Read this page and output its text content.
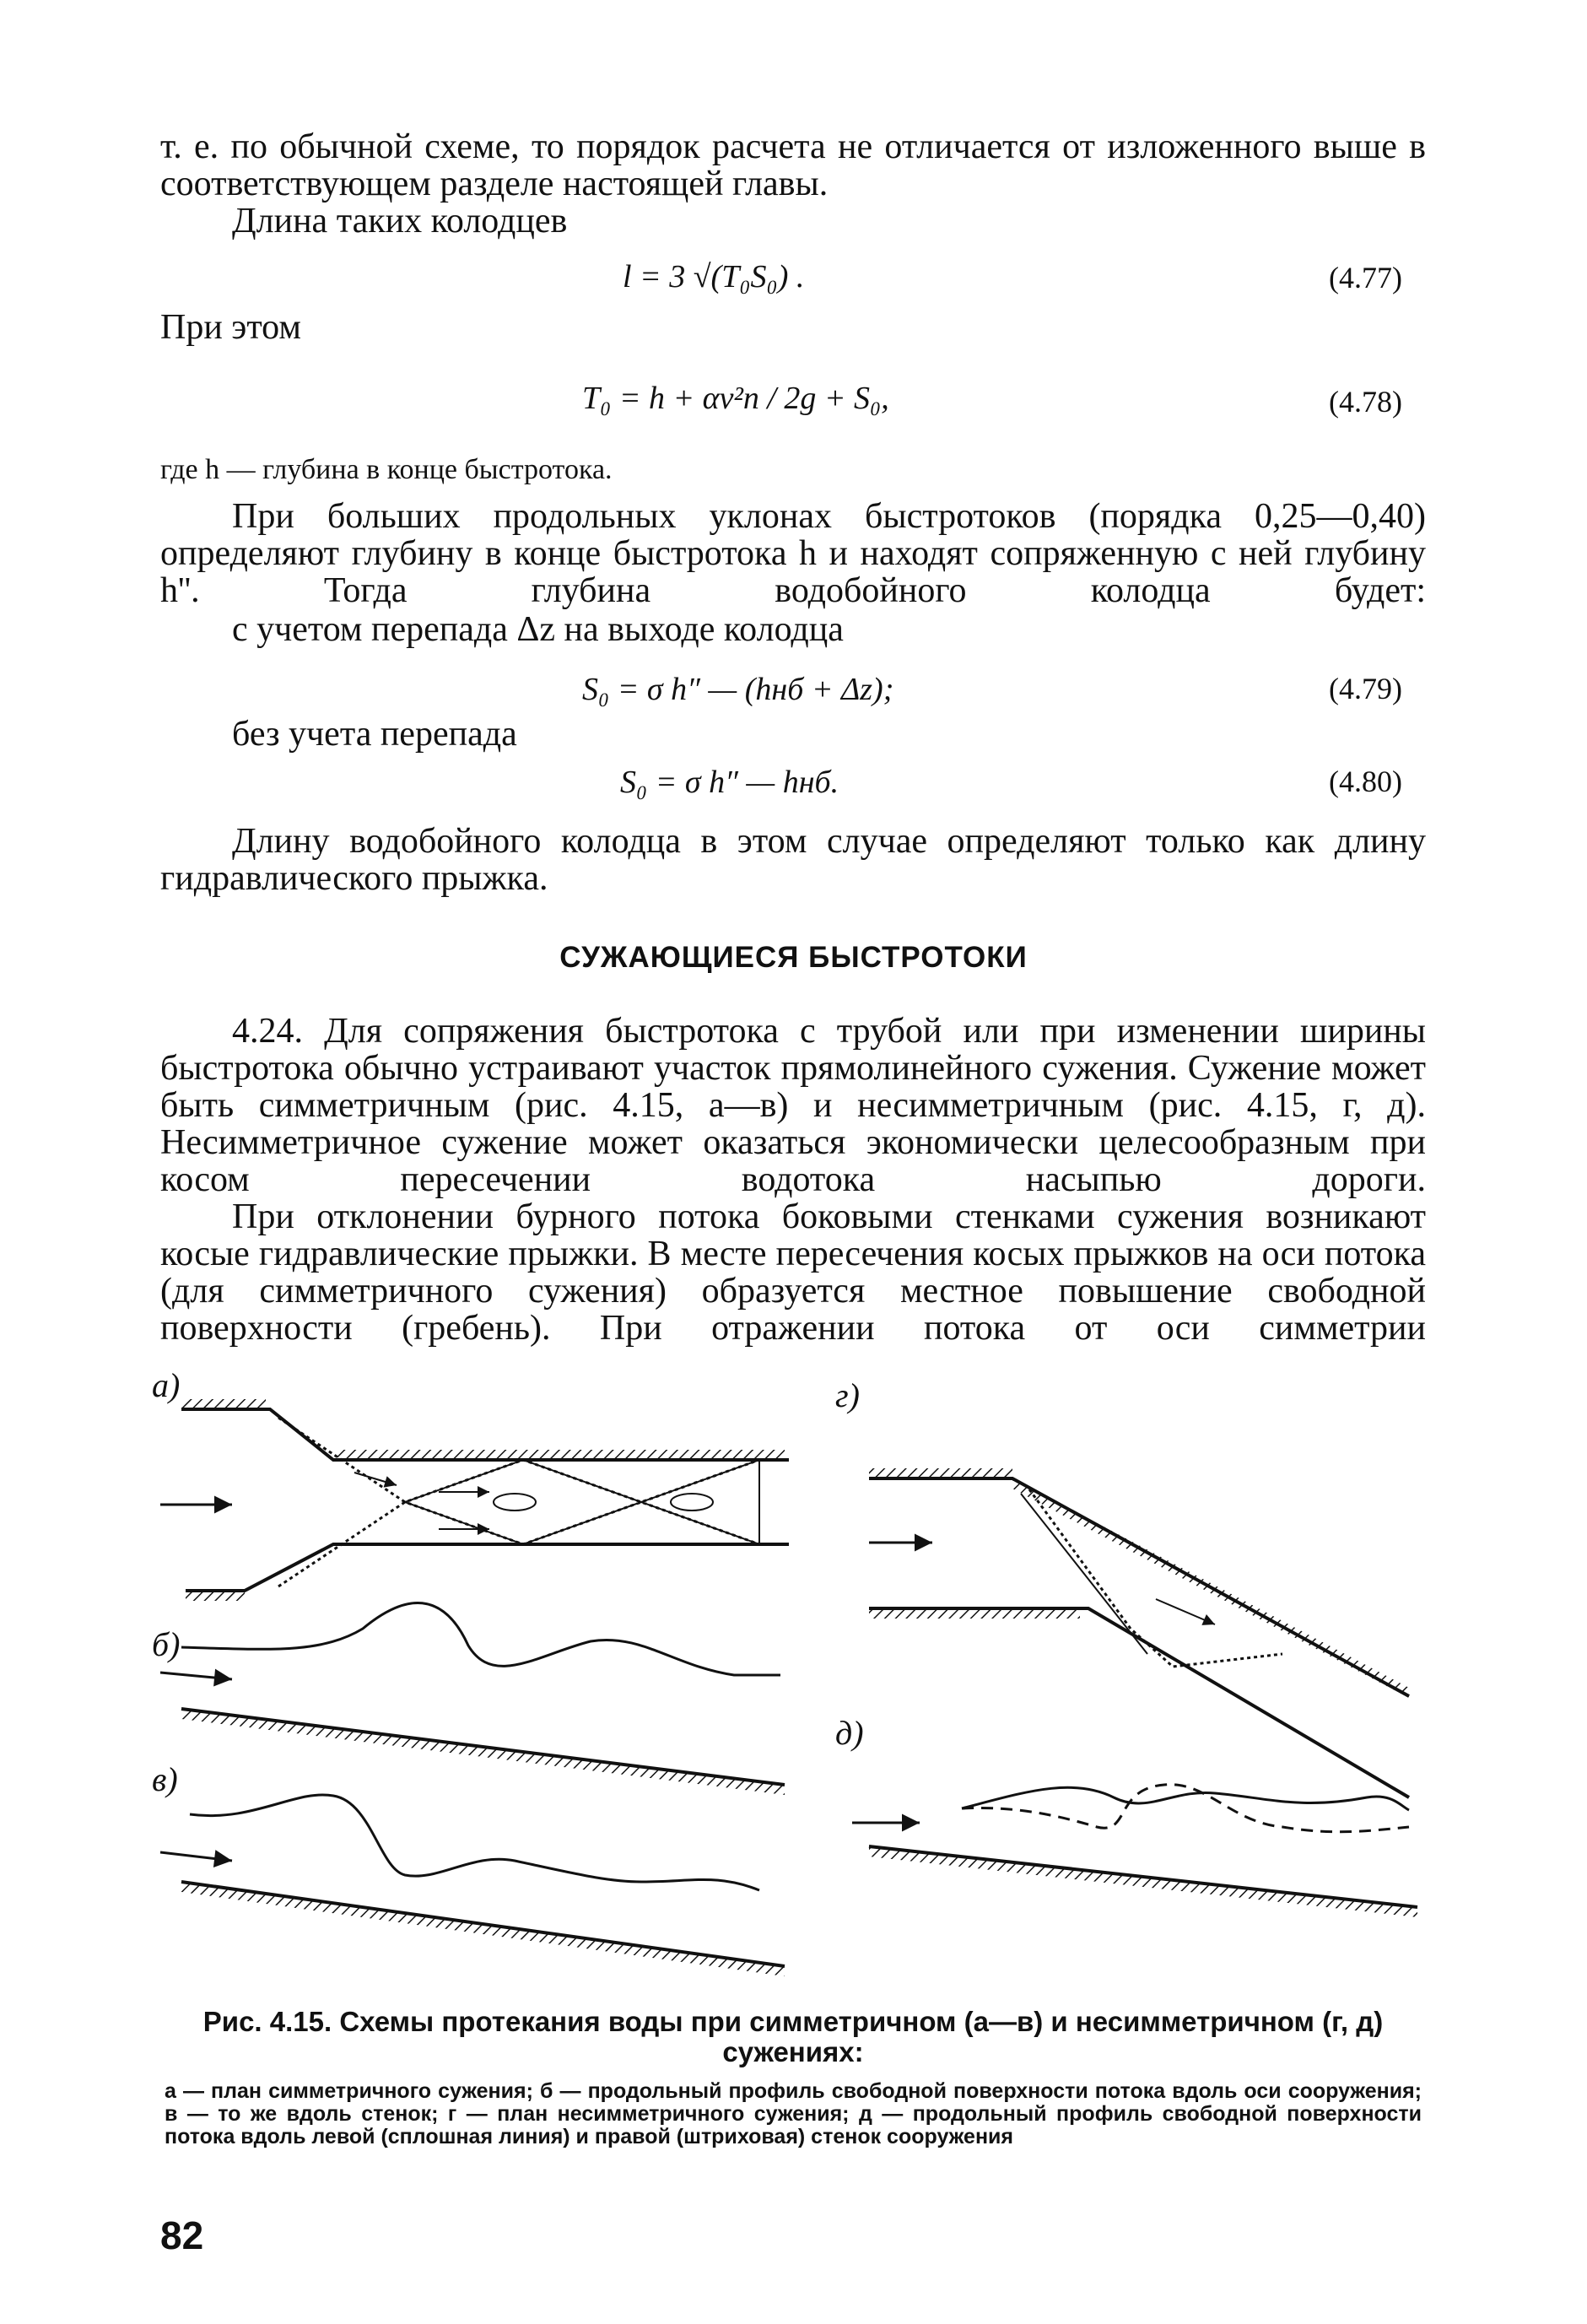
т. е. по обычной схеме, то порядок расчета не отличается от изложенного выше в соответствующем разделе настоящей главы.
Длина таких колодцев
l = 3 √(T₀S₀) .	(4.77)
При этом
T₀ = h + αv²п / 2g + S₀,	(4.78)
где h — глубина в конце быстротока.
При больших продольных уклонах быстротоков (порядка 0,25—0,40) определяют глубину в конце быстротока h и находят сопряженную с ней глубину h''. Тогда глубина водобойного колодца будет:
с учетом перепада Δz на выходе колодца
S₀ = σ h″ — (hнб + Δz);	(4.79)
без учета перепада
S₀ = σ h″ — hнб.	(4.80)
Длину водобойного колодца в этом случае определяют только как длину гидравлического прыжка.
СУЖАЮЩИЕСЯ БЫСТРОТОКИ
4.24. Для сопряжения быстротока с трубой или при изменении ширины быстротока обычно устраивают участок прямолинейного сужения. Сужение может быть симметричным (рис. 4.15, а—в) и несимметричным (рис. 4.15, г, д). Несимметричное сужение может оказаться экономически целесообразным при косом пересечении водотока насыпью дороги.
При отклонении бурного потока боковыми стенками сужения возникают косые гидравлические прыжки. В месте пересечения косых прыжков на оси потока (для симметричного сужения) образуется местное повышение свободной поверхности (гребень). При отражении потока от оси симметрии
а)
б)
в)
г)
д)
Рис. 4.15. Схемы протекания воды при симметричном (а—в) и несимметричном (г, д) сужениях:
а — план симметричного сужения; б — продольный профиль свободной поверхности потока вдоль оси сооружения; в — то же вдоль стенок; г — план несимметричного сужения; д — продольный профиль свободной поверхности потока вдоль левой (сплошная линия) и правой (штриховая) стенок сооружения
82
